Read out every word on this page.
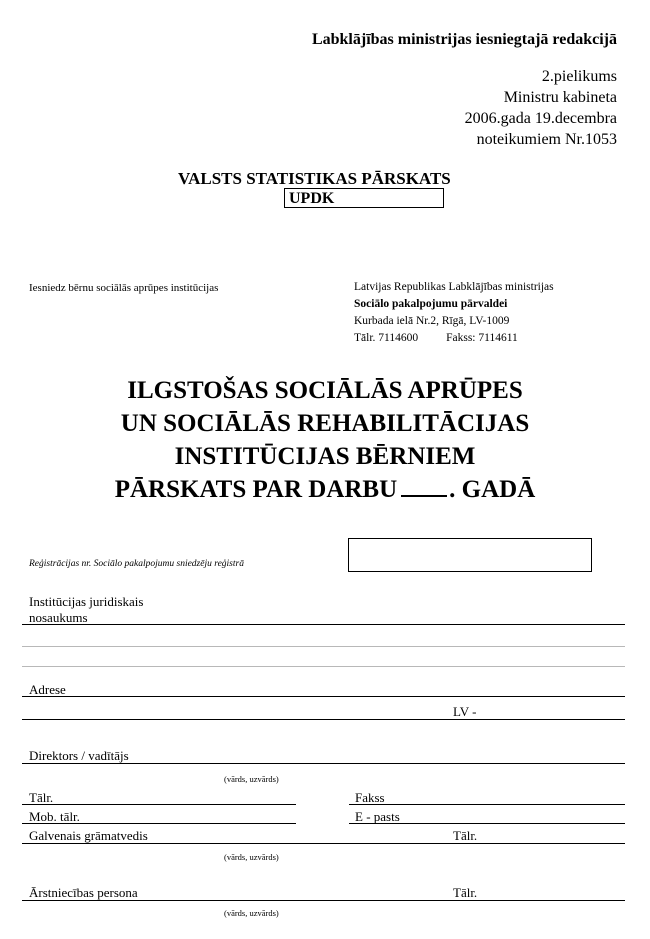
Labklājības ministrijas iesniegtajā redakcijā
2.pielikums
Ministru kabineta
2006.gada 19.decembra
noteikumiem Nr.1053
VALSTS STATISTIKAS PĀRSKATS
UPDK
Iesniedz bērnu sociālās aprūpes institūcijas	Latvijas Republikas Labklājības ministrijas
Sociālo pakalpojumu pārvaldei
Kurbada ielā Nr.2, Rīgā, LV-1009
Tālr. 7114600 Fakss: 7114611
ILGSTOŠAS SOCIĀLĀS APRŪPES
UN SOCIĀLĀS REHABILITĀCIJAS
INSTITŪCIJAS BĒRNIEM
PĀRSKATS PAR DARBU . GADĀ
Reģistrācijas nr. Sociālo pakalpojumu sniedzēju reģistrā
Institūcijas juridiskais
nosaukums
Adrese
LV -
Direktors / vadītājs
(vārds, uzvārds)
Tālr.	Fakss
Mob. tālr.	E - pasts
Galvenais grāmatvedis	Tālr.
(vārds, uzvārds)
Ārstniecības persona	Tālr.
(vārds, uzvārds)
